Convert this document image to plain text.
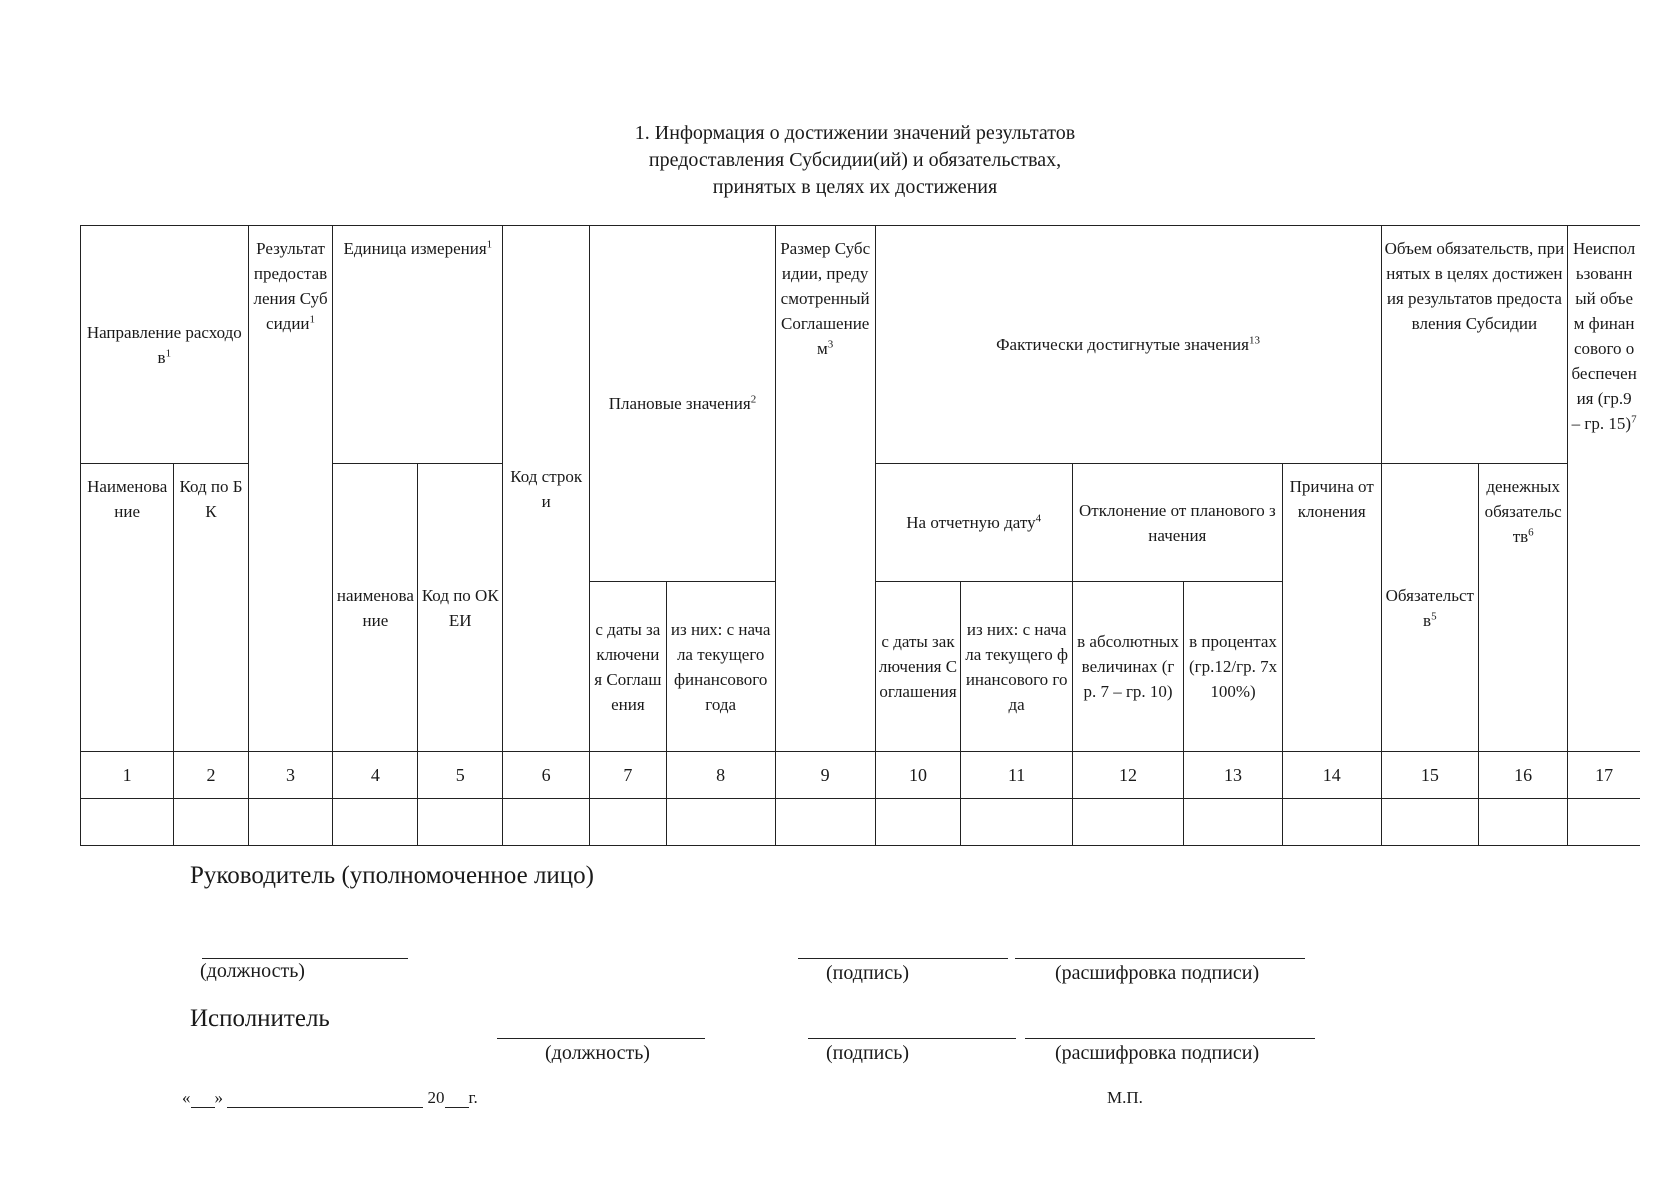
1. Информация о достижении значений результатов
предоставления Субсидии(ий) и обязательствах,
принятых в целях их достижения
Направление расходов$^1$		Результат предоставления Субсидии$^1$	Единица измерения$^1$		Код строки	Плановые значения$^2$		Размер Субсидии, предусмотренный Соглашением$^3$	Фактически достигнутые значения$^{13}$					Объем обязательств, принятых в целях достижения результатов предоставления Субсидии		Неиспользованный объем финансового обеспечения (гр.9 – гр. 15)$^7$
Наименование	Код по БК		наименование	Код по ОКЕИ					На отчетную дату$^4$		Отклонение от планового значения		Причина отклонения	Обязательств$^5$	денежных обязательств$^6$
						с даты заключения Соглашения	из них: с начала текущего финансового года		с даты заключения Соглашения	из них: с начала текущего финансового года	в абсолютных величинах (гр. 7 – гр. 10)	в процентах (гр.12/гр. 7х100%)				
1	2	3	4	5	6	7	8	9	10	11	12	13	14	15	16	17

Руководитель (уполномоченное лицо)
(должность)	(подпись)	(расшифровка подписи)
Исполнитель
(должность)	(подпись)	(расшифровка подписи)
« »	20 г.	М.П.
